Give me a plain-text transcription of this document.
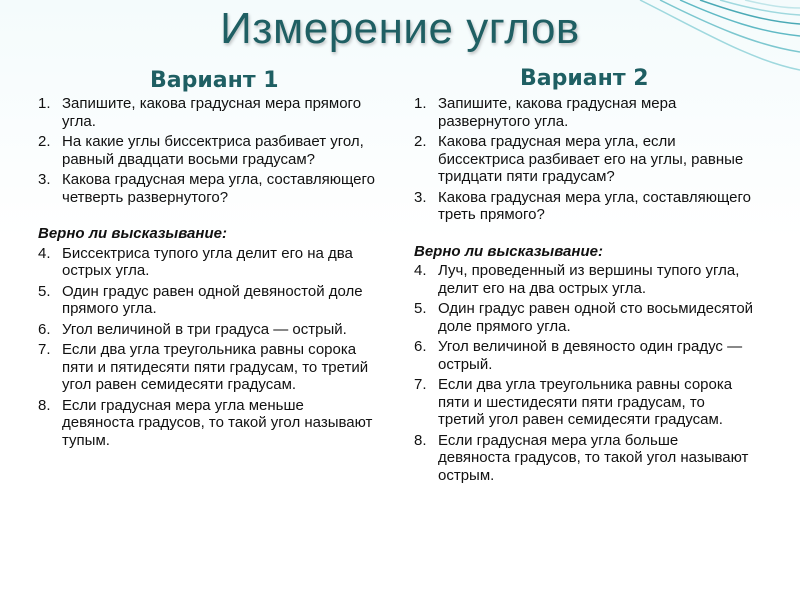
Измерение углов
Вариант 1	Вариант 2
1. Запишите, какова градусная мера прямого угла.
2. На какие углы биссектриса разбивает угол, равный двадцати восьми градусам?
3. Какова градусная мера угла, составляющего четверть развернутого?
Верно ли высказывание:
4. Биссектриса тупого угла делит его на два острых угла.
5. Один градус равен одной девяностой доле прямого угла.
6. Угол величиной в три градуса — острый.
7. Если два угла треугольника равны сорока пяти и пятидесяти пяти градусам, то третий угол равен семидесяти градусам.
8. Если градусная мера угла меньше девяноста градусов, то такой угол называют тупым.
1. Запишите, какова градусная мера развернутого угла.
2. Какова градусная мера угла, если биссектриса разбивает его на углы, равные тридцати пяти градусам?
3. Какова градусная мера угла, составляющего треть прямого?
Верно ли высказывание:
4. Луч, проведенный из вершины тупого угла, делит его на два острых угла.
5. Один градус равен одной сто восьмидесятой доле прямого угла.
6. Угол величиной в девяносто один градус — острый.
7. Если два угла треугольника равны сорока пяти и шестидесяти пяти градусам, то третий угол равен семидесяти градусам.
8. Если градусная мера угла больше девяноста градусов, то такой угол называют острым.
